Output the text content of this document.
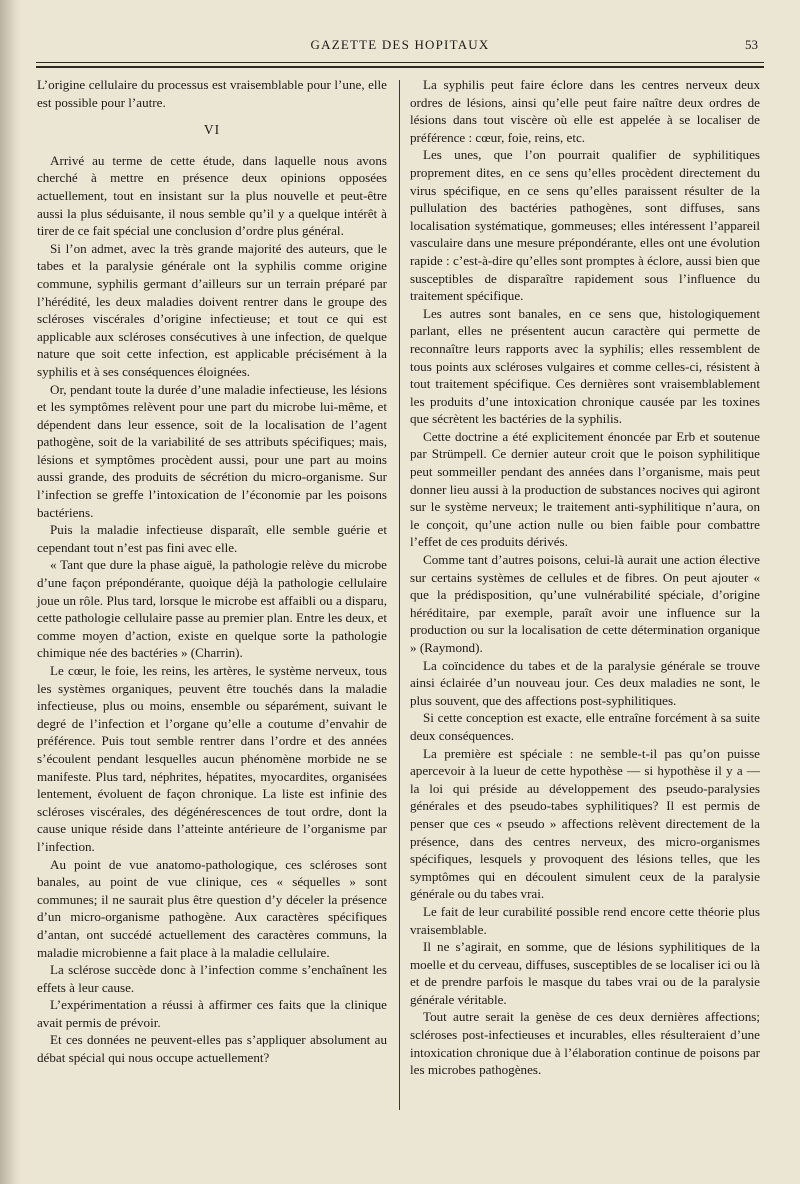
GAZETTE DES HOPITAUX	53

L’origine cellulaire du processus est vraisemblable pour l’une, elle est possible pour l’autre.

VI

Arrivé au terme de cette étude, dans laquelle nous avons cherché à mettre en présence deux opinions opposées actuellement, tout en insistant sur la plus nouvelle et peut-être aussi la plus séduisante, il nous semble qu’il y a quelque intérêt à tirer de ce fait spécial une conclusion d’ordre plus général.

Si l’on admet, avec la très grande majorité des auteurs, que le tabes et la paralysie générale ont la syphilis comme origine commune, syphilis germant d’ailleurs sur un terrain préparé par l’hérédité, les deux maladies doivent rentrer dans le groupe des scléroses viscérales d’origine infectieuse; et tout ce qui est applicable aux scléroses consécutives à une infection, de quelque nature que soit cette infection, est applicable précisément à la syphilis et à ses conséquences éloignées.

Or, pendant toute la durée d’une maladie infectieuse, les lésions et les symptômes relèvent pour une part du microbe lui-même, et dépendent dans leur essence, soit de la localisation de l’agent pathogène, soit de la variabilité de ses attributs spécifiques; mais, lésions et symptômes procèdent aussi, pour une part au moins aussi grande, des produits de sécrétion du micro-organisme. Sur l’infection se greffe l’intoxication de l’économie par les poisons bactériens.

Puis la maladie infectieuse disparaît, elle semble guérie et cependant tout n’est pas fini avec elle.

« Tant que dure la phase aiguë, la pathologie relève du microbe d’une façon prépondérante, quoique déjà la pathologie cellulaire joue un rôle. Plus tard, lorsque le microbe est affaibli ou a disparu, cette pathologie cellulaire passe au premier plan. Entre les deux, et comme moyen d’action, existe en quelque sorte la pathologie chimique née des bactéries » (Charrin).

Le cœur, le foie, les reins, les artères, le système nerveux, tous les systèmes organiques, peuvent être touchés dans la maladie infectieuse, plus ou moins, ensemble ou séparément, suivant le degré de l’infection et l’organe qu’elle a coutume d’envahir de préférence. Puis tout semble rentrer dans l’ordre et des années s’écoulent pendant lesquelles aucun phénomène morbide ne se manifeste. Plus tard, néphrites, hépatites, myocardites, organisées lentement, évoluent de façon chronique. La liste est infinie des scléroses viscérales, des dégénérescences de tout ordre, dont la cause unique réside dans l’atteinte antérieure de l’organisme par l’infection.

Au point de vue anatomo-pathologique, ces scléroses sont banales, au point de vue clinique, ces « séquelles » sont communes; il ne saurait plus être question d’y déceler la présence d’un micro-organisme pathogène. Aux caractères spécifiques d’antan, ont succédé actuellement des caractères communs, la maladie microbienne a fait place à la maladie cellulaire.

La sclérose succède donc à l’infection comme s’enchaînent les effets à leur cause.

L’expérimentation a réussi à affirmer ces faits que la clinique avait permis de prévoir.

Et ces données ne peuvent-elles pas s’appliquer absolument au débat spécial qui nous occupe actuellement?

La syphilis peut faire éclore dans les centres nerveux deux ordres de lésions, ainsi qu’elle peut faire naître deux ordres de lésions dans tout viscère où elle est appelée à se localiser de préférence : cœur, foie, reins, etc.

Les unes, que l’on pourrait qualifier de syphilitiques proprement dites, en ce sens qu’elles procèdent directement du virus spécifique, en ce sens qu’elles paraissent résulter de la pullulation des bactéries pathogènes, sont diffuses, sans localisation systématique, gommeuses; elles intéressent l’appareil vasculaire dans une mesure prépondérante, elles ont une évolution rapide : c’est-à-dire qu’elles sont promptes à éclore, aussi bien que susceptibles de disparaître rapidement sous l’influence du traitement spécifique.

Les autres sont banales, en ce sens que, histologiquement parlant, elles ne présentent aucun caractère qui permette de reconnaître leurs rapports avec la syphilis; elles ressemblent de tous points aux scléroses vulgaires et comme celles-ci, résistent à tout traitement spécifique. Ces dernières sont vraisemblablement les produits d’une intoxication chronique causée par les toxines que sécrètent les bactéries de la syphilis.

Cette doctrine a été explicitement énoncée par Erb et soutenue par Strümpell. Ce dernier auteur croit que le poison syphilitique peut sommeiller pendant des années dans l’organisme, mais peut donner lieu aussi à la production de substances nocives qui agiront sur le système nerveux; le traitement anti-syphilitique n’aura, on le conçoit, qu’une action nulle ou bien faible pour combattre l’effet de ces produits dérivés.

Comme tant d’autres poisons, celui-là aurait une action élective sur certains systèmes de cellules et de fibres. On peut ajouter « que la prédisposition, qu’une vulnérabilité spéciale, d’origine héréditaire, par exemple, paraît avoir une influence sur la production ou sur la localisation de cette détermination organique » (Raymond).

La coïncidence du tabes et de la paralysie générale se trouve ainsi éclairée d’un nouveau jour. Ces deux maladies ne sont, le plus souvent, que des affections post-syphilitiques.

Si cette conception est exacte, elle entraîne forcément à sa suite deux conséquences.

La première est spéciale : ne semble-t-il pas qu’on puisse apercevoir à la lueur de cette hypothèse — si hypothèse il y a — la loi qui préside au développement des pseudo-paralysies générales et des pseudo-tabes syphilitiques? Il est permis de penser que ces « pseudo » affections relèvent directement de la présence, dans des centres nerveux, des micro-organismes spécifiques, lesquels y provoquent des lésions telles, que les symptômes qui en découlent simulent ceux de la paralysie générale ou du tabes vrai.

Le fait de leur curabilité possible rend encore cette théorie plus vraisemblable.

Il ne s’agirait, en somme, que de lésions syphilitiques de la moelle et du cerveau, diffuses, susceptibles de se localiser ici ou là et de prendre parfois le masque du tabes vrai ou de la paralysie générale véritable.

Tout autre serait la genèse de ces deux dernières affections; scléroses post-infectieuses et incurables, elles résulteraient d’une intoxication chronique due à l’élaboration continue de poisons par les microbes pathogènes.
